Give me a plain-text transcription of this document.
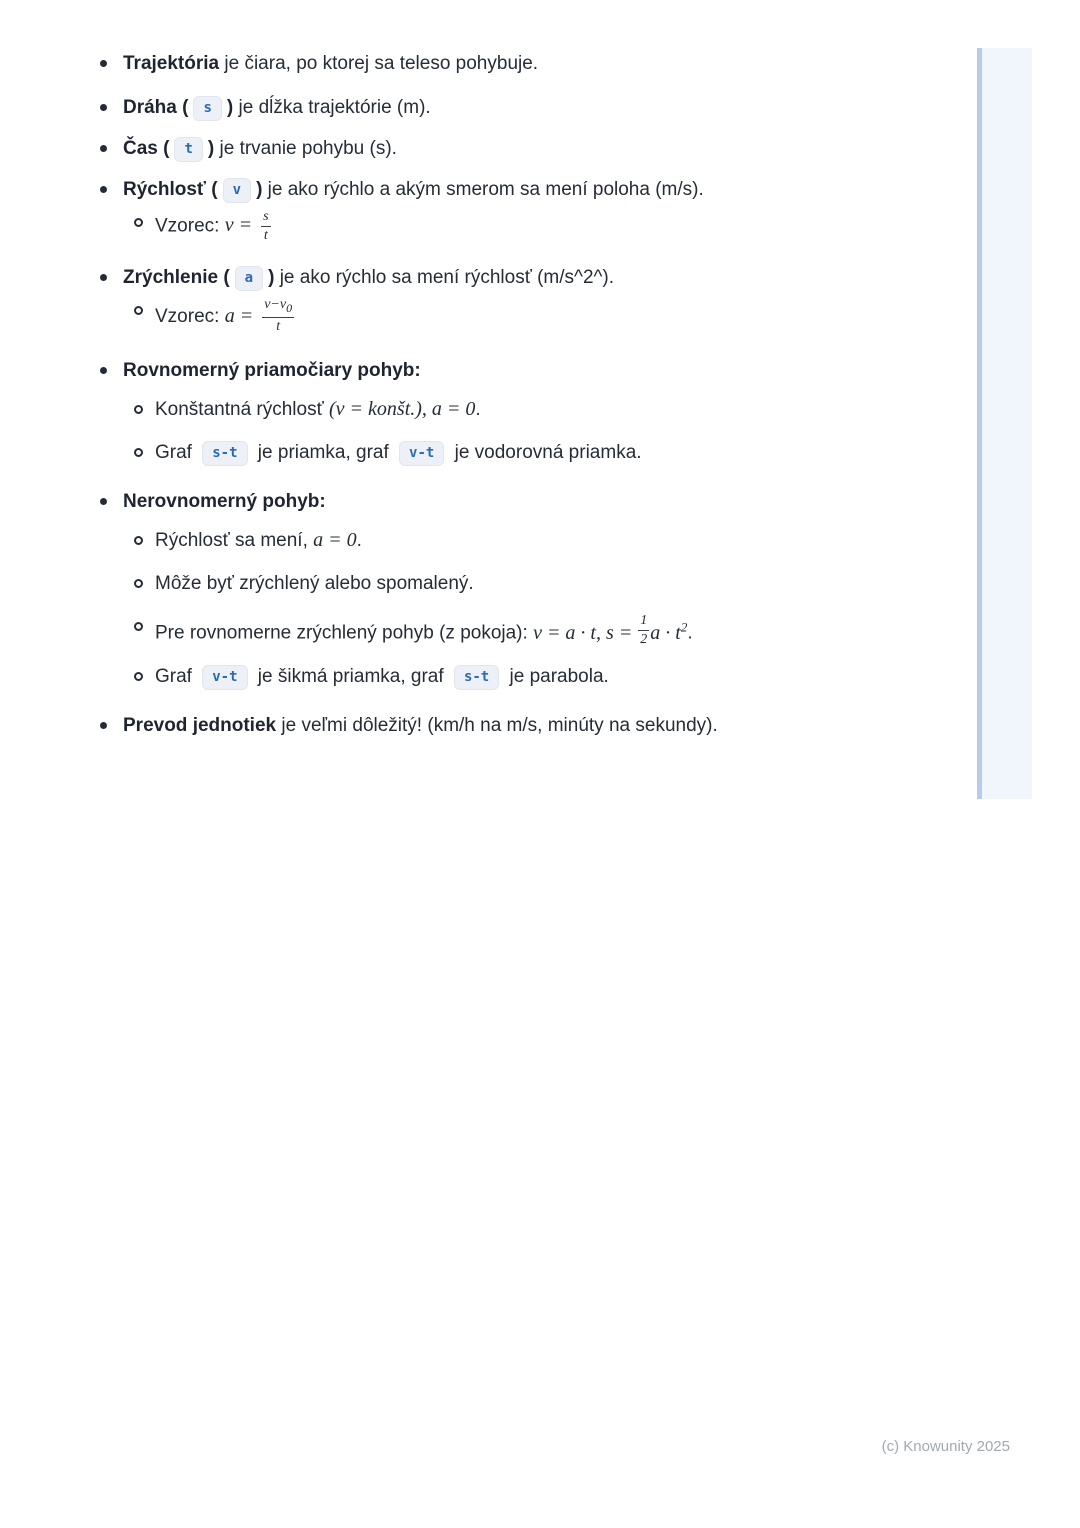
Trajektória je čiara, po ktorej sa teleso pohybuje.
Dráha ( s ) je dĺžka trajektórie (m).
Čas ( t ) je trvanie pohybu (s).
Rýchlosť ( v ) je ako rýchlo a akým smerom sa mení poloha (m/s).
Vzorec: $v = \frac{s}{t}$
Zrýchlenie ( a ) je ako rýchlo sa mení rýchlosť (m/s^2^).
Vzorec: $a = \frac{v-v_0}{t}$
Rovnomerný priamočiary pohyb:
Konštantná rýchlosť (v = konšt.), a = 0.
Graf s-t je priamka, graf v-t je vodorovná priamka.
Nerovnomerný pohyb:
Rýchlosť sa mení, a = 0.
Môže byť zrýchlený alebo spomalený.
Pre rovnomerne zrýchlený pohyb (z pokoja): v = a · t, $s = \frac{1}{2}$ $a \cdot t^2$.
Graf v-t je šikmá priamka, graf s-t je parabola.
Prevod jednotiek je veľmi dôležitý! (km/h na m/s, minúty na sekundy).
(c) Knowunity 2025
